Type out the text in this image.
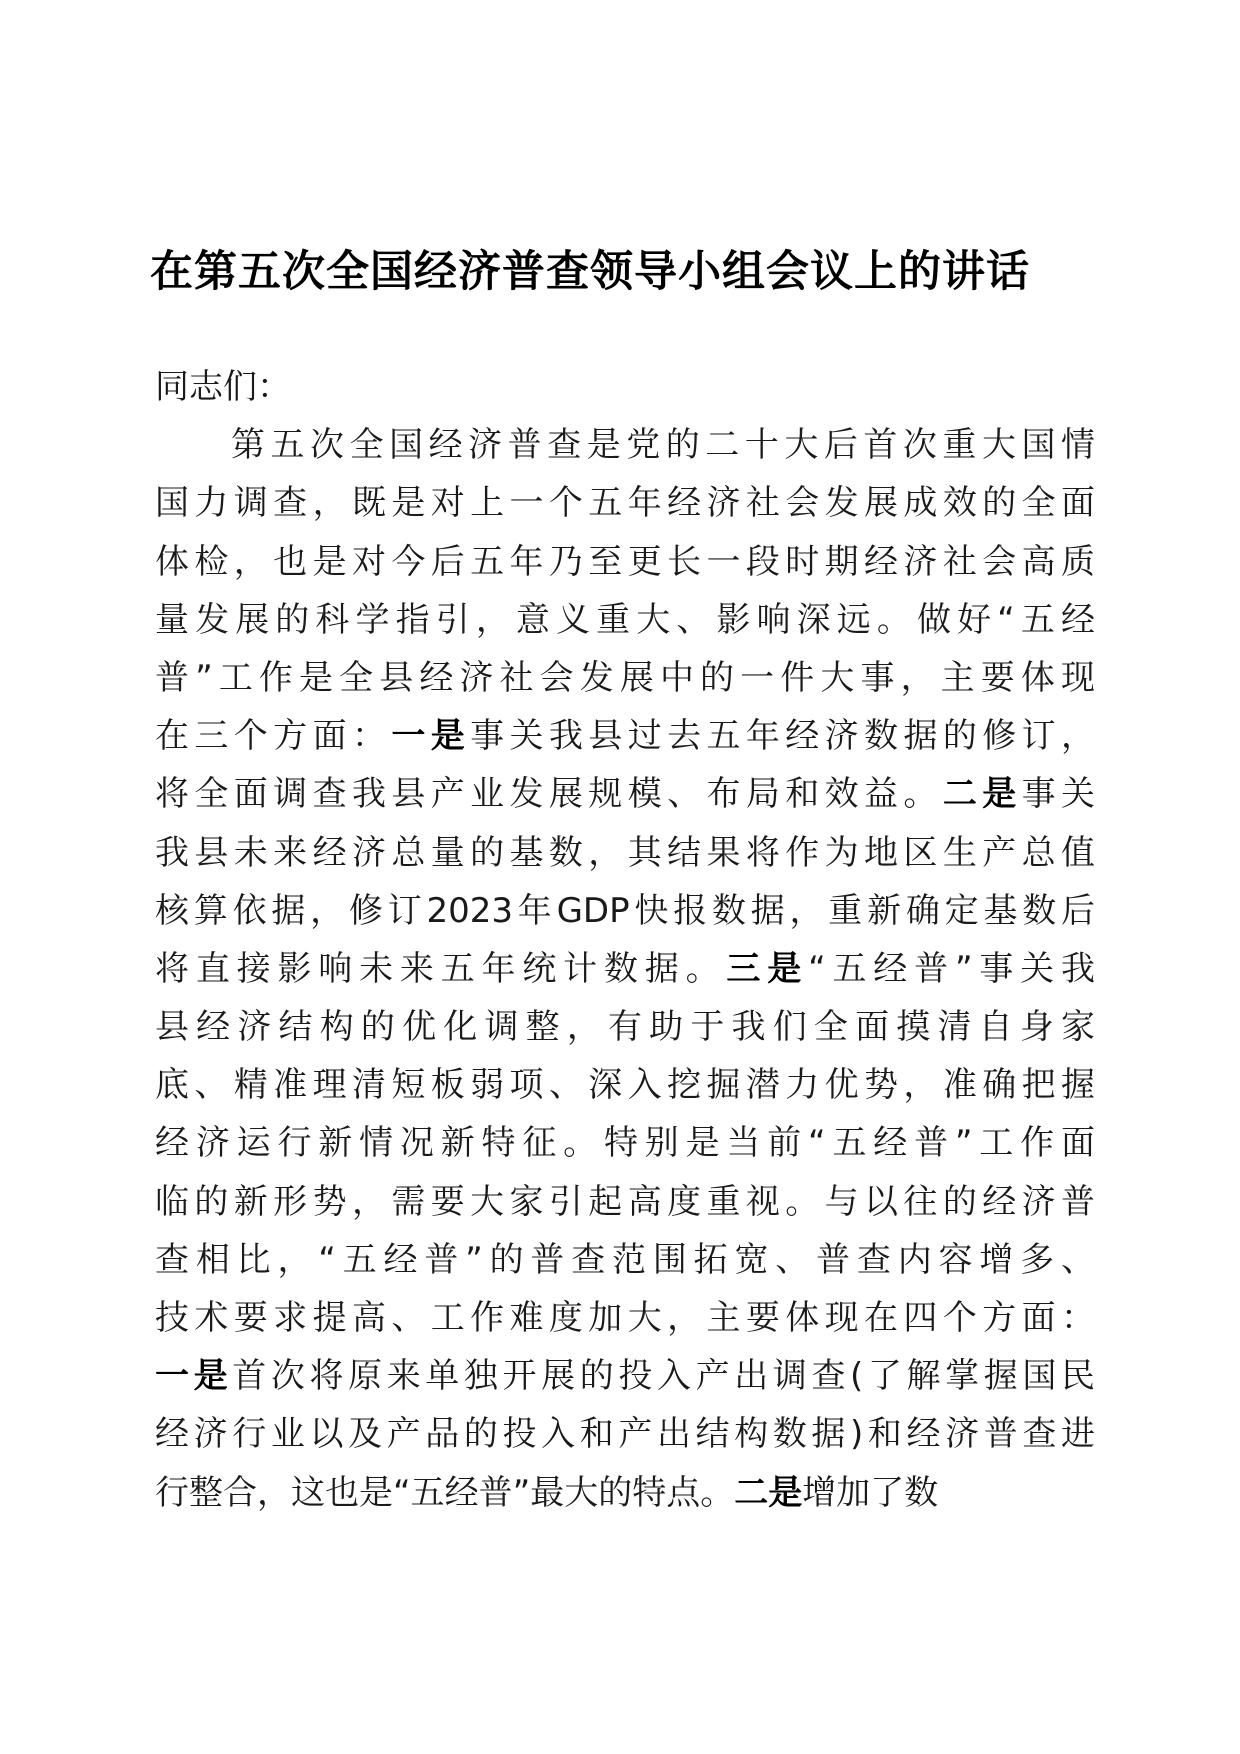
在第五次全国经济普查领导小组会议上的讲话

同志们：

第五次全国经济普查是党的二十大后首次重大国情
国力调查，既是对上一个五年经济社会发展成效的全面
体检，也是对今后五年乃至更长一段时期经济社会高质
量发展的科学指引，意义重大、影响深远。做好“五经
普”工作是全县经济社会发展中的一件大事，主要体现
在三个方面：一是事关我县过去五年经济数据的修订，
将全面调查我县产业发展规模、布局和效益。二是事关
我县未来经济总量的基数，其结果将作为地区生产总值
核算依据，修订2023年GDP快报数据，重新确定基数后
将直接影响未来五年统计数据。三是“五经普”事关我
县经济结构的优化调整，有助于我们全面摸清自身家
底、精准理清短板弱项、深入挖掘潜力优势，准确把握
经济运行新情况新特征。特别是当前“五经普”工作面
临的新形势，需要大家引起高度重视。与以往的经济普
查相比，“五经普”的普查范围拓宽、普查内容增多、
技术要求提高、工作难度加大，主要体现在四个方面：
一是首次将原来单独开展的投入产出调查(了解掌握国民
经济行业以及产品的投入和产出结构数据)和经济普查进
行整合，这也是“五经普”最大的特点。二是增加了数
